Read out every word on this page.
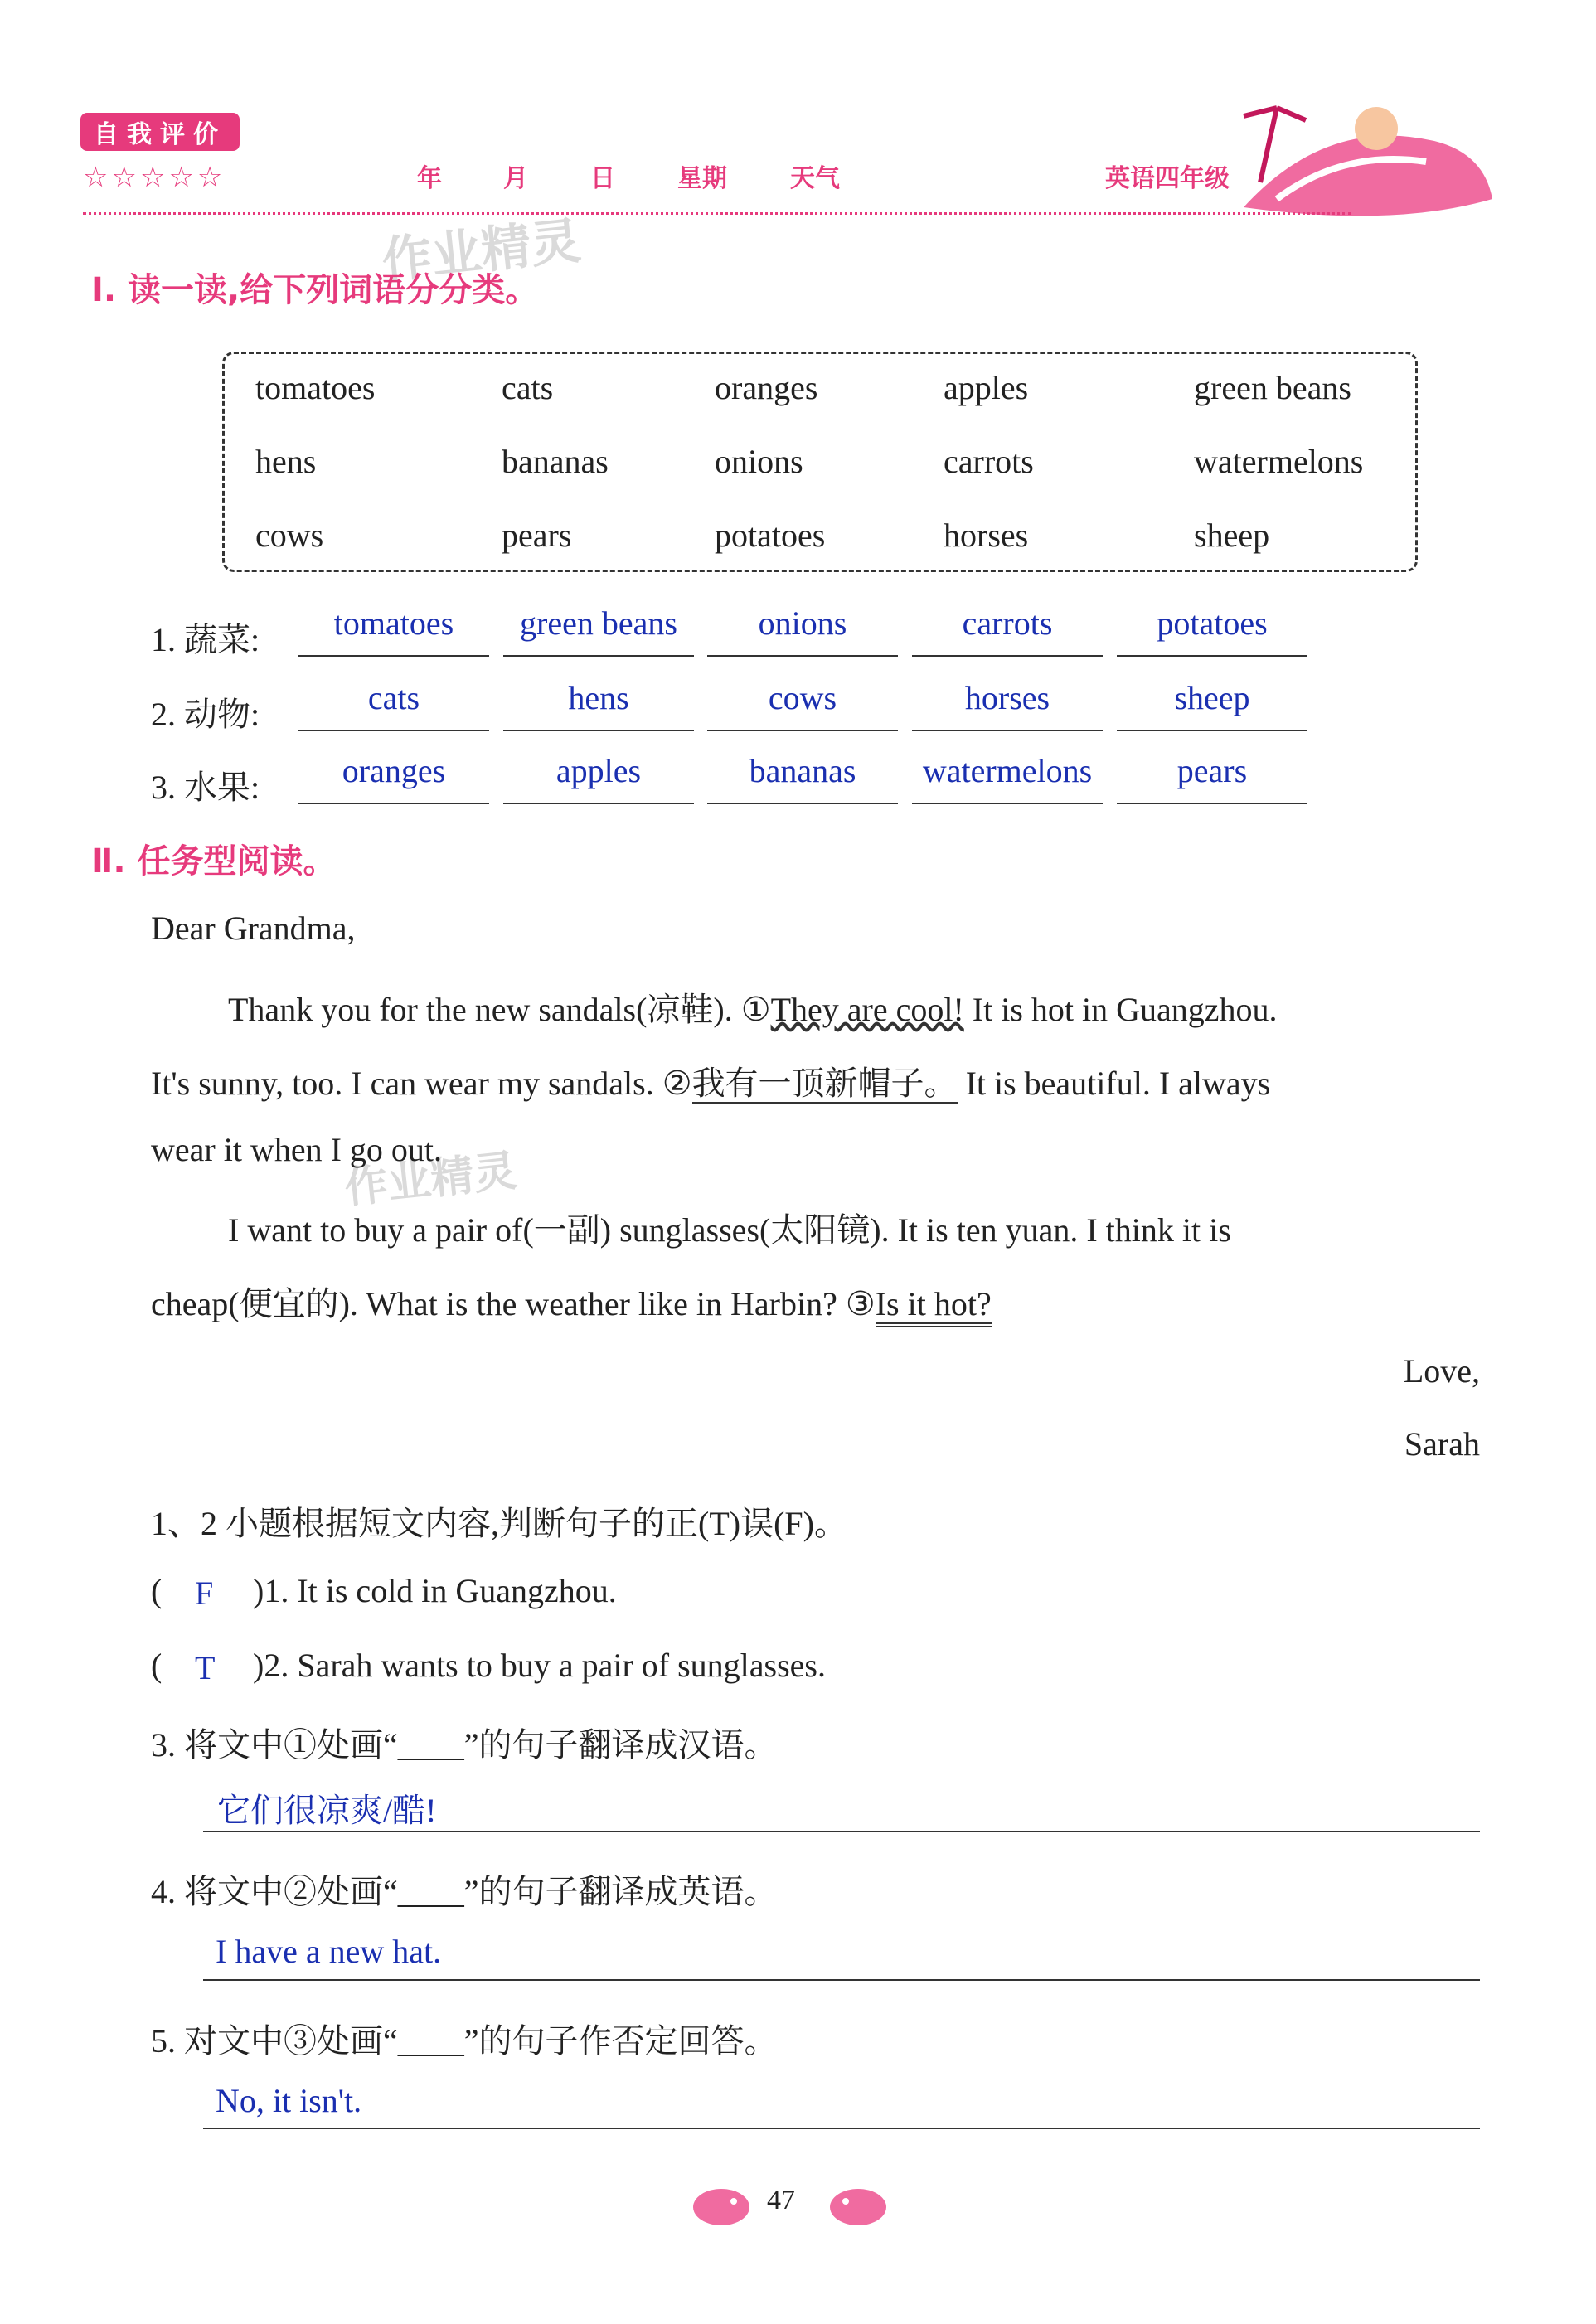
自我评价
☆☆☆☆☆	年 月	日	星期	天气	英语四年级
作业精灵
作业精灵
Ⅰ. 读一读,给下列词语分分类。
tomatoes	cats	oranges	apples	green beans
hens	bananas	onions	carrots	watermelons
cows	pears	potatoes	horses	sheep
1. 蔬菜:	tomatoes	green beans	onions	carrots	potatoes
2. 动物:	cats	hens	cows	horses	sheep
3. 水果:	oranges	apples	bananas	watermelons	pears
Ⅱ. 任务型阅读。
Dear Grandma,
Thank you for the new sandals(凉鞋). ①They are cool! It is hot in Guangzhou.
It's sunny, too. I can wear my sandals. ②我有一顶新帽子。 It is beautiful. I always
wear it when I go out.
I want to buy a pair of(一副) sunglasses(太阳镜). It is ten yuan. I think it is
cheap(便宜的). What is the weather like in Harbin? ③Is it hot?
Love,
Sarah
1、2 小题根据短文内容,判断句子的正(T)误(F)。
( F )1. It is cold in Guangzhou.
( T )2. Sarah wants to buy a pair of sunglasses.
3. 将文中①处画“____”的句子翻译成汉语。
它们很凉爽/酷!
4. 将文中②处画“____”的句子翻译成英语。
I have a new hat.
5. 对文中③处画“____”的句子作否定回答。
No, it isn't.
47
